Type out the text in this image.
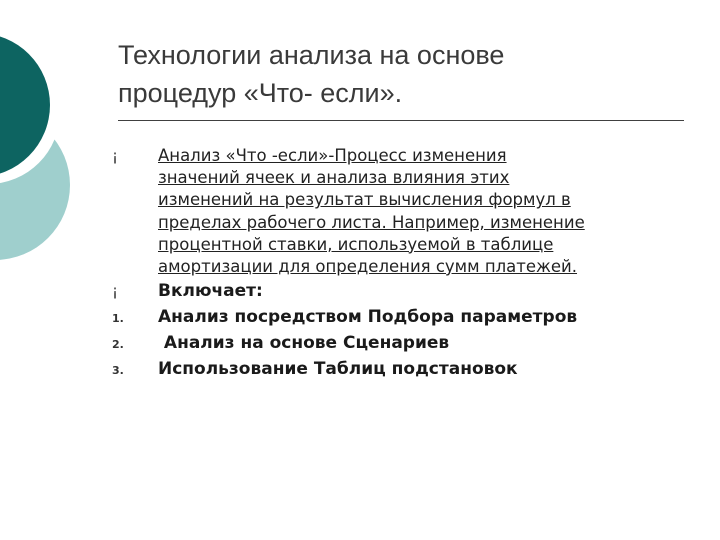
Технологии анализа на основе
процедур «Что- если».
¡	Анализ «Что -если»-Процесс изменения

значений ячеек и анализа влияния этих

изменений на результат вычисления формул в

пределах рабочего листа. Например, изменение

процентной ставки, используемой в таблице

амортизации для определения сумм платежей.

¡	Включает:

1.	Анализ посредством Подбора параметров

2.	Анализ на основе Сценариев

3.	Использование Таблиц подстановок
